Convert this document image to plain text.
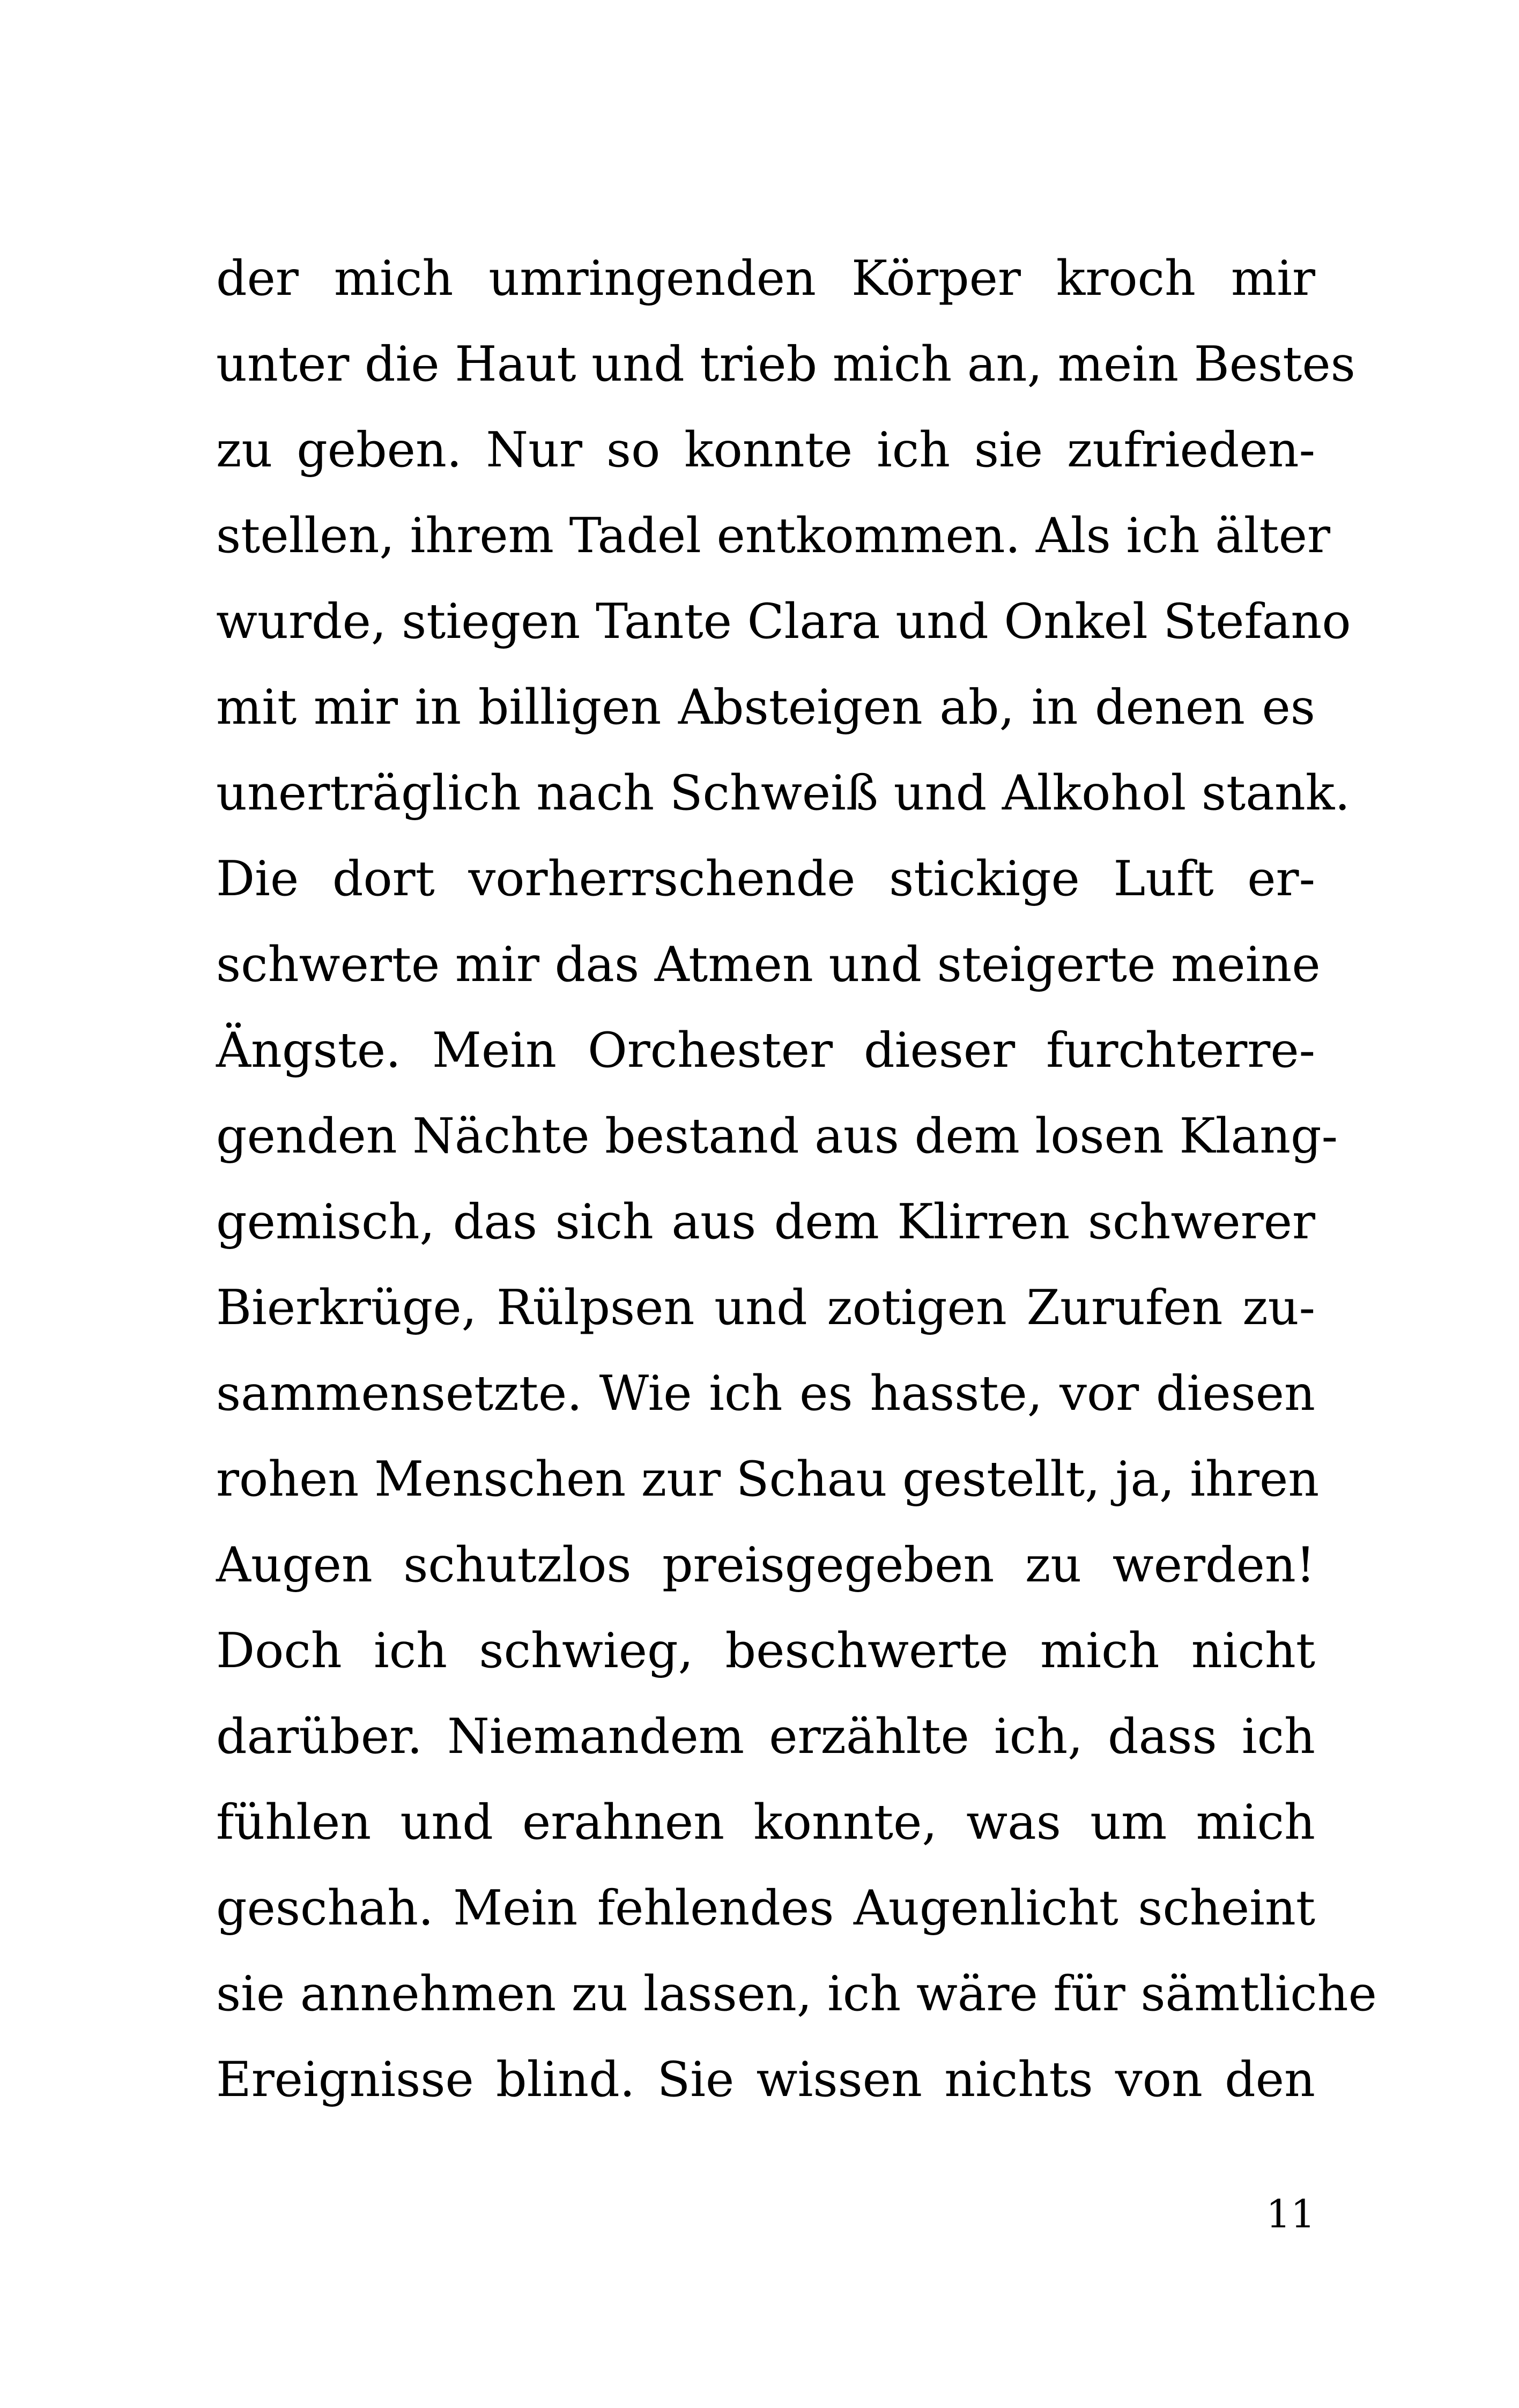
der mich umringenden Körper kroch mir
unter die Haut und trieb mich an, mein Bestes
zu geben. Nur so konnte ich sie zufrieden-
stellen, ihrem Tadel entkommen. Als ich älter
wurde, stiegen Tante Clara und Onkel Stefano
mit mir in billigen Absteigen ab, in denen es
unerträglich nach Schweiß und Alkohol stank.
Die dort vorherrschende stickige Luft er-
schwerte mir das Atmen und steigerte meine
Ängste. Mein Orchester dieser furchterre-
genden Nächte bestand aus dem losen Klang-
gemisch, das sich aus dem Klirren schwerer
Bierkrüge, Rülpsen und zotigen Zurufen zu-
sammensetzte. Wie ich es hasste, vor diesen
rohen Menschen zur Schau gestellt, ja, ihren
Augen schutzlos preisgegeben zu werden!
Doch ich schwieg, beschwerte mich nicht
darüber. Niemandem erzählte ich, dass ich
fühlen und erahnen konnte, was um mich
geschah. Mein fehlendes Augenlicht scheint
sie annehmen zu lassen, ich wäre für sämtliche
Ereignisse blind. Sie wissen nichts von den
11
